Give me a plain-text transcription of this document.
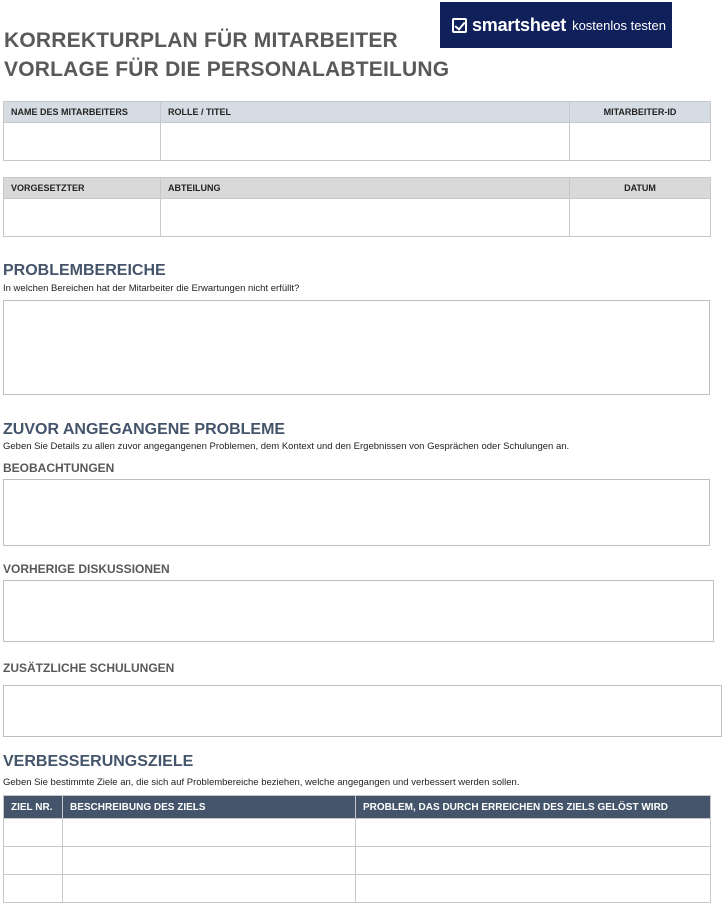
KORREKTURPLAN FÜR MITARBEITER
VORLAGE FÜR DIE PERSONALABTEILUNG
smartsheet kostenlos testen
NAME DES MITARBEITERS	ROLLE / TITEL	MITARBEITER-ID

VORGESETZTER	ABTEILUNG	DATUM

PROBLEMBEREICHE
In welchen Bereichen hat der Mitarbeiter die Erwartungen nicht erfüllt?
ZUVOR ANGEGANGENE PROBLEME
Geben Sie Details zu allen zuvor angegangenen Problemen, dem Kontext und den Ergebnissen von Gesprächen oder Schulungen an.
BEOBACHTUNGEN
VORHERIGE DISKUSSIONEN
ZUSÄTZLICHE SCHULUNGEN
VERBESSERUNGSZIELE
Geben Sie bestimmte Ziele an, die sich auf Problembereiche beziehen, welche angegangen und verbessert werden sollen.
ZIEL NR.	BESCHREIBUNG DES ZIELS	PROBLEM, DAS DURCH ERREICHEN DES ZIELS GELÖST WIRD
